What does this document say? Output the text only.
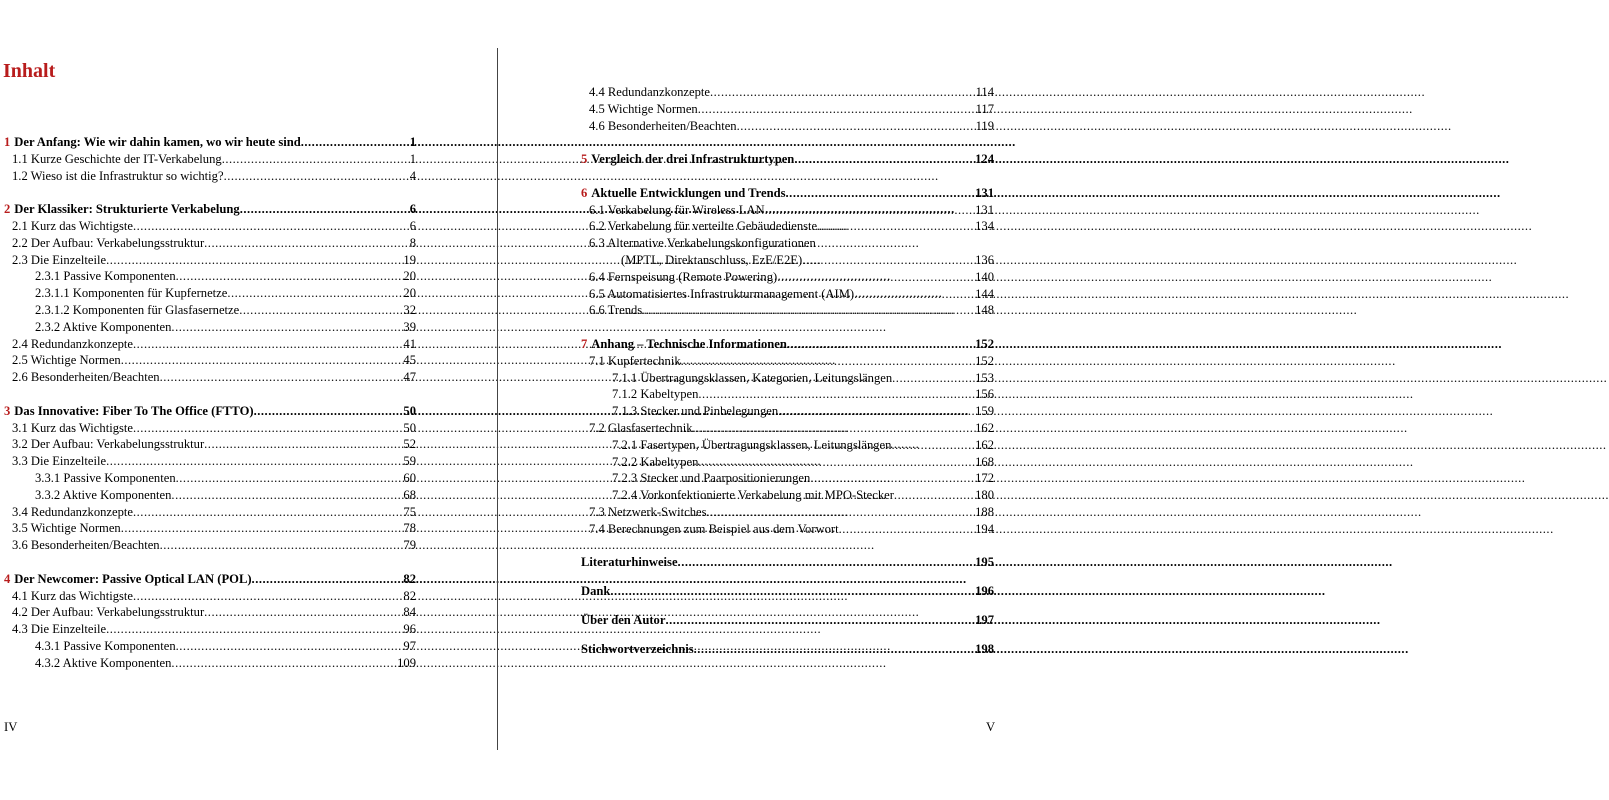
Inhalt
1 Der Anfang: Wie wir dahin kamen, wo wir heute sind .....	1
1.1 Kurze Geschichte der IT-Verkabelung .....	1
1.2 Wieso ist die Infrastruktur so wichtig? .....	4
2 Der Klassiker: Strukturierte Verkabelung .....	6
2.1 Kurz das Wichtigste .....	6
2.2 Der Aufbau: Verkabelungsstruktur .....	8
2.3 Die Einzelteile .....	19
2.3.1 Passive Komponenten .....	20
2.3.1.1 Komponenten für Kupfernetze .....	20
2.3.1.2 Komponenten für Glasfasernetze .....	32
2.3.2 Aktive Komponenten .....	39
2.4 Redundanzkonzepte .....	41
2.5 Wichtige Normen .....	45
2.6 Besonderheiten/Beachten .....	47
3 Das Innovative: Fiber To The Office (FTTO) .....	50
3.1 Kurz das Wichtigste .....	50
3.2 Der Aufbau: Verkabelungsstruktur .....	52
3.3 Die Einzelteile .....	59
3.3.1 Passive Komponenten .....	60
3.3.2 Aktive Komponenten .....	68
3.4 Redundanzkonzepte .....	75
3.5 Wichtige Normen .....	78
3.6 Besonderheiten/Beachten .....	79
4 Der Newcomer: Passive Optical LAN (POL) .....	82
4.1 Kurz das Wichtigste .....	82
4.2 Der Aufbau: Verkabelungsstruktur .....	84
4.3 Die Einzelteile .....	96
4.3.1 Passive Komponenten .....	97
4.3.2 Aktive Komponenten .....	109
IV
4.4 Redundanzkonzepte .....	114
4.5 Wichtige Normen .....	117
4.6 Besonderheiten/Beachten .....	119
5 Vergleich der drei Infrastrukturtypen .....	124
6 Aktuelle Entwicklungen und Trends .....	131
6.1 Verkabelung für Wireless LAN .....	131
6.2 Verkabelung für verteilte Gebäudedienste .....	134
6.3 Alternative Verkabelungskonfigurationen
(MPTL, Direktanschluss, EzE/E2E) .....	136
6.4 Fernspeisung (Remote Powering) .....	140
6.5 Automatisiertes Infrastrukturmanagement (AIM) .....	144
6.6 Trends .....	148
7 Anhang – Technische Informationen .....	152
7.1 Kupfertechnik .....	152
7.1.1 Übertragungsklassen, Kategorien, Leitungslängen .....	153
7.1.2 Kabeltypen .....	156
7.1.3 Stecker und Pinbelegungen .....	159
7.2 Glasfasertechnik .....	162
7.2.1 Fasertypen, Übertragungsklassen, Leitungslängen .....	162
7.2.2 Kabeltypen .....	168
7.2.3 Stecker und Paarpositionierungen .....	172
7.2.4 Vorkonfektionierte Verkabelung mit MPO-Stecker .....	180
7.3 Netzwerk-Switches .....	188
7.4 Berechnungen zum Beispiel aus dem Vorwort .....	194
Literaturhinweise .....	195
Dank .....	196
Über den Autor .....	197
Stichwortverzeichnis .....	198
V
